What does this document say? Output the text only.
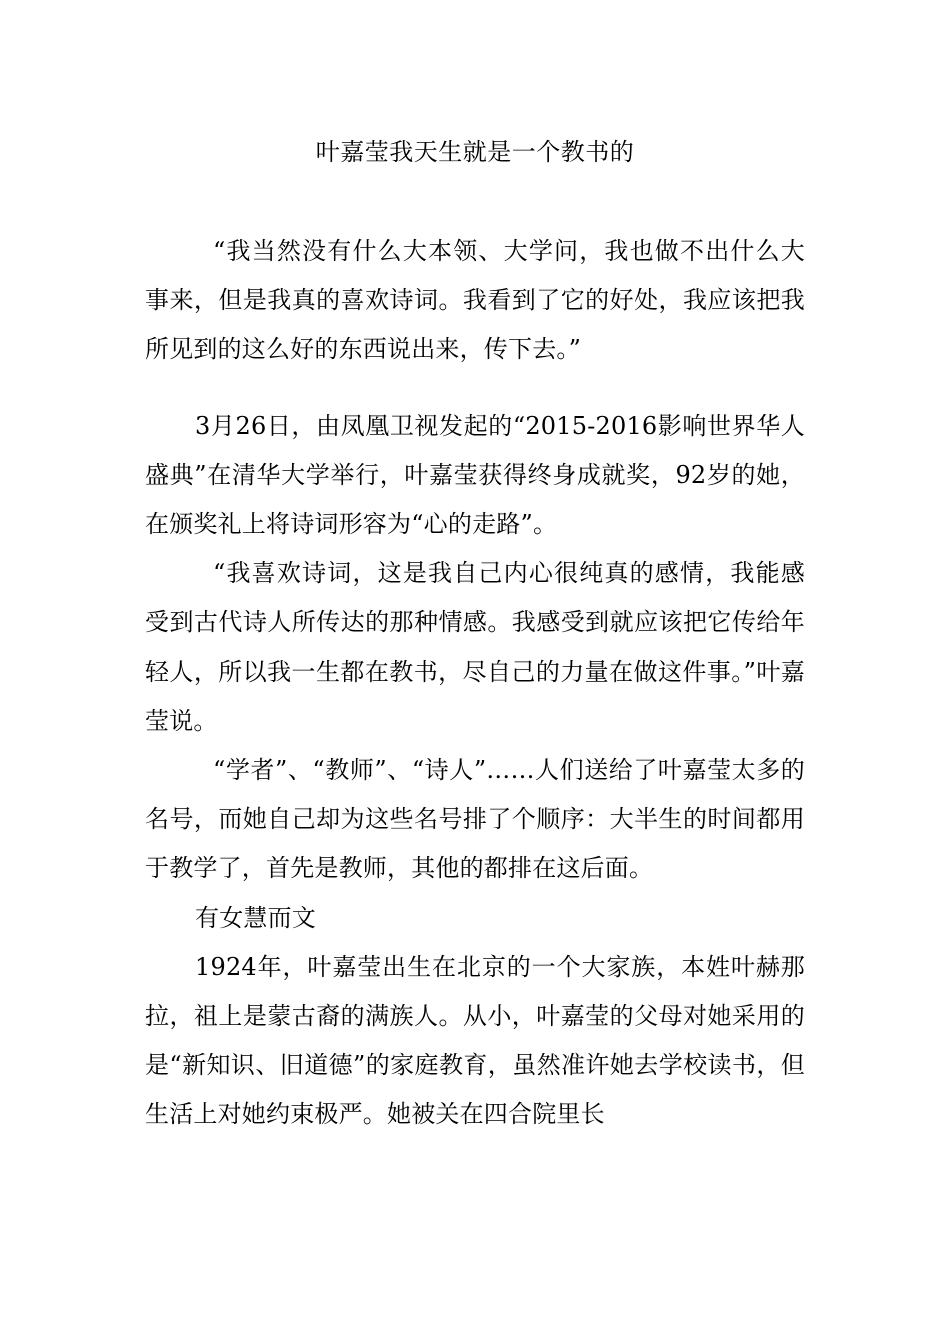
叶嘉莹我天生就是一个教书的

“我当然没有什么大本领、大学问，我也做不出什么大事来，但是我真的喜欢诗词。我看到了它的好处，我应该把我所见到的这么好的东西说出来，传下去。”

3月26日，由凤凰卫视发起的“2015-2016影响世界华人盛典”在清华大学举行，叶嘉莹获得终身成就奖，92岁的她，在颁奖礼上将诗词形容为“心的走路”。

“我喜欢诗词，这是我自己内心很纯真的感情，我能感受到古代诗人所传达的那种情感。我感受到就应该把它传给年轻人，所以我一生都在教书，尽自己的力量在做这件事。”叶嘉莹说。

“学者”、“教师”、“诗人”……人们送给了叶嘉莹太多的名号，而她自己却为这些名号排了个顺序：大半生的时间都用于教学了，首先是教师，其他的都排在这后面。

有女慧而文

1924年，叶嘉莹出生在北京的一个大家族，本姓叶赫那拉，祖上是蒙古裔的满族人。从小，叶嘉莹的父母对她采用的是“新知识、旧道德”的家庭教育，虽然准许她去学校读书，但生活上对她约束极严。她被关在四合院里长
